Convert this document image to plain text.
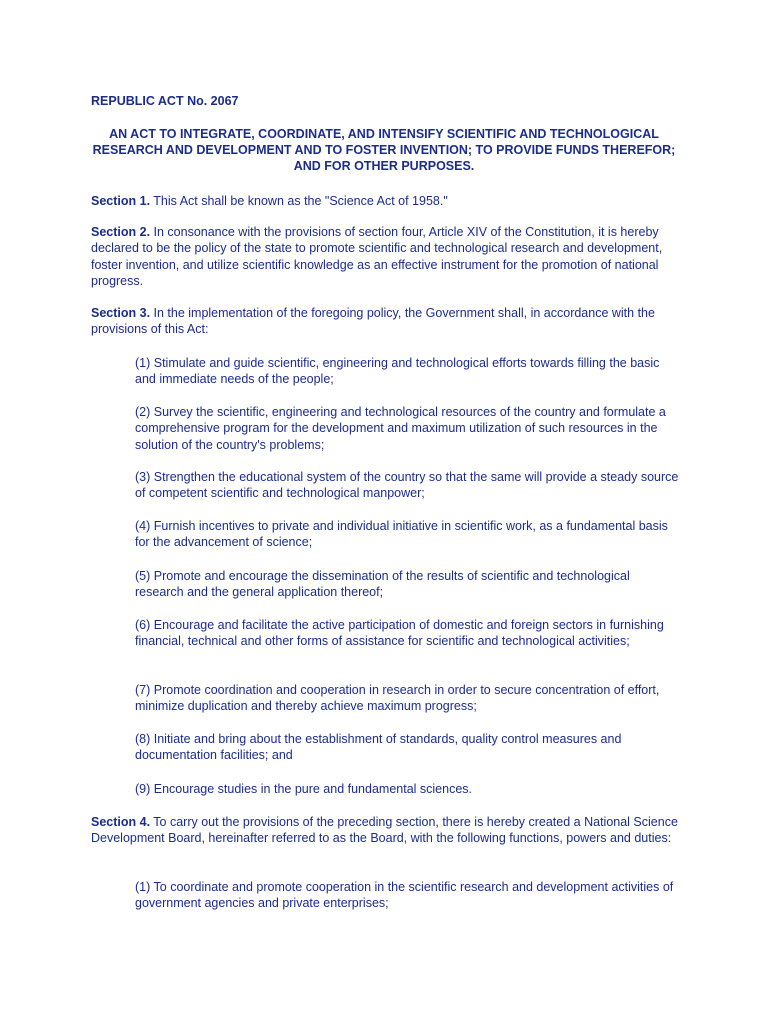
REPUBLIC ACT No. 2067

AN ACT TO INTEGRATE, COORDINATE, AND INTENSIFY SCIENTIFIC AND TECHNOLOGICAL RESEARCH AND DEVELOPMENT AND TO FOSTER INVENTION; TO PROVIDE FUNDS THEREFOR; AND FOR OTHER PURPOSES.

Section 1. This Act shall be known as the "Science Act of 1958."

Section 2. In consonance with the provisions of section four, Article XIV of the Constitution, it is hereby declared to be the policy of the state to promote scientific and technological research and development, foster invention, and utilize scientific knowledge as an effective instrument for the promotion of national progress.

Section 3. In the implementation of the foregoing policy, the Government shall, in accordance with the provisions of this Act:

(1) Stimulate and guide scientific, engineering and technological efforts towards filling the basic and immediate needs of the people;

(2) Survey the scientific, engineering and technological resources of the country and formulate a comprehensive program for the development and maximum utilization of such resources in the solution of the country's problems;

(3) Strengthen the educational system of the country so that the same will provide a steady source of competent scientific and technological manpower;

(4) Furnish incentives to private and individual initiative in scientific work, as a fundamental basis for the advancement of science;

(5) Promote and encourage the dissemination of the results of scientific and technological research and the general application thereof;

(6) Encourage and facilitate the active participation of domestic and foreign sectors in furnishing financial, technical and other forms of assistance for scientific and technological activities;

(7) Promote coordination and cooperation in research in order to secure concentration of effort, minimize duplication and thereby achieve maximum progress;

(8) Initiate and bring about the establishment of standards, quality control measures and documentation facilities; and

(9) Encourage studies in the pure and fundamental sciences.

Section 4. To carry out the provisions of the preceding section, there is hereby created a National Science Development Board, hereinafter referred to as the Board, with the following functions, powers and duties:

(1) To coordinate and promote cooperation in the scientific research and development activities of government agencies and private enterprises;
